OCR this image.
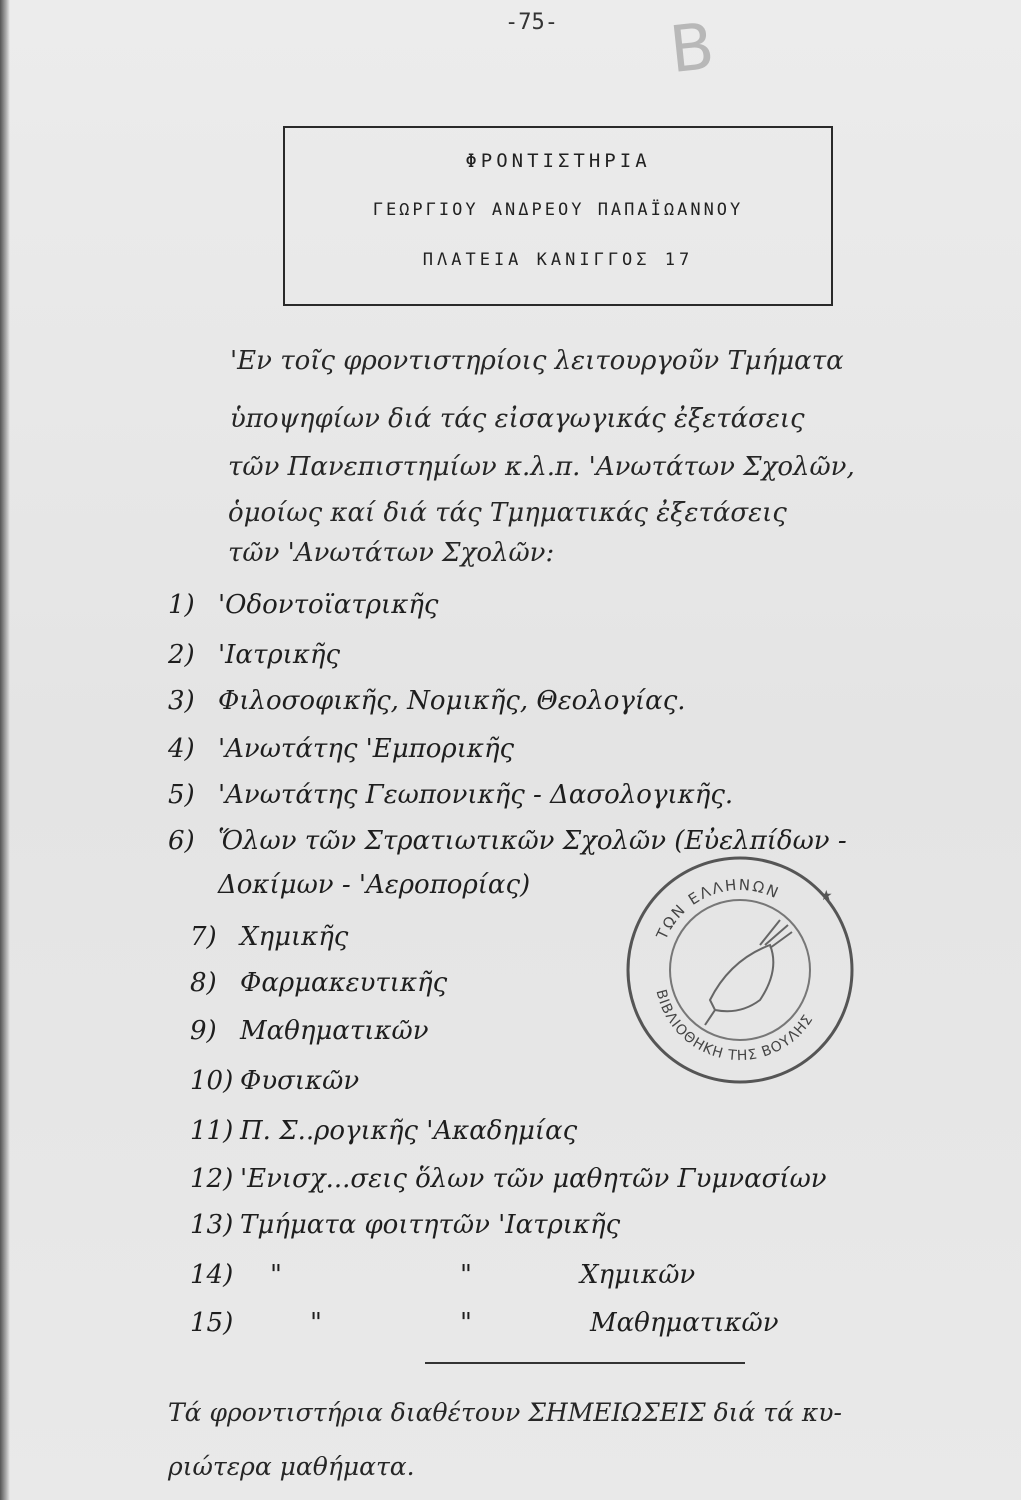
-75- B
ΦΡΟΝΤΙΣΤΗΡΙΑ
ΓΕΩΡΓΙΟΥ ΑΝΔΡΕΟΥ ΠΑΠΑΪΩΑΝΝΟΥ
ΠΛΑΤΕΙΑ ΚΑΝΙΓΓΟΣ 17
'Εν τοῖς φροντιστηρίοις λειτουργοῦν Τμήματα
ὑποψηφίων διά τάς εἰσαγωγικάς ἐξετάσεις
τῶν Πανεπιστημίων κ.λ.π. 'Ανωτάτων Σχολῶν,
ὁμοίως καί διά τάς Τμηματικάς ἐξετάσεις
τῶν 'Ανωτάτων Σχολῶν:
1) 'Οδοντοϊατρικῆς
2) 'Ιατρικῆς
3) Φιλοσοφικῆς, Νομικῆς, Θεολογίας.
4) 'Ανωτάτης 'Εμπορικῆς
5) 'Ανωτάτης Γεωπονικῆς - Δασολογικῆς.
6) Ὅλων τῶν Στρατιωτικῶν Σχολῶν (Εὐελπίδων -
Δοκίμων - 'Αεροπορίας)
7) Χημικῆς
8) Φαρμακευτικῆς
9) Μαθηματικῶν
10) Φυσικῶν
11) Π. Σ..ρογικῆς 'Ακαδημίας
12) 'Ενισχ...σεις ὅλων τῶν μαθητῶν Γυμνασίων
13) Τμήματα φοιτητῶν 'Ιατρικῆς
14) "	"	Χημικῶν
15)	"	"	Μαθηματικῶν
Τά φροντιστήρια διαθέτουν ΣΗΜΕΙΩΣΕΙΣ διά τά κυ-
ριώτερα μαθήματα.
ΤΩΝ ΕΛΛΗΝΩΝ
ΒΙΒΛΙΟΘΗΚΗ ΤΗΣ ΒΟΥΛΗΣ
★
